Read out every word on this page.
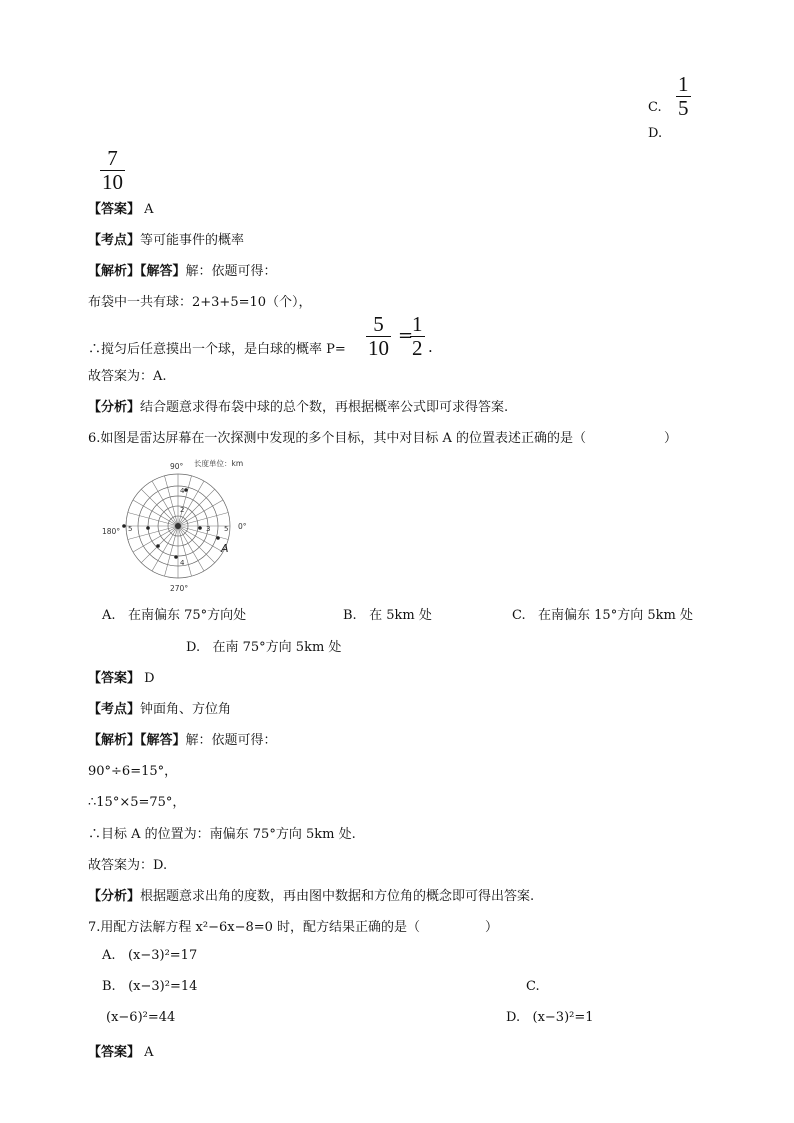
C.
1
5
D.
7
10
【答案】 A
【考点】等可能事件的概率
【解析】【解答】解：依题可得：
布袋中一共有球：2+3+5=10（个），
∴搅匀后任意摸出一个球，是白球的概率 P=
5
10
=
1
2 .
故答案为：A.
【分析】结合题意求得布袋中球的总个数，再根据概率公式即可求得答案.
6.如图是雷达屏幕在一次探测中发现的多个目标，其中对目标 A 的位置表述正确的是（　　　　　　）
长度单位：km
90°
180°
0°
270°
4
2
3 5
5
4
A
A. 在南偏东 75°方向处	B. 在 5km 处	C. 在南偏东 15°方向 5km 处
D. 在南 75°方向 5km 处
【答案】 D
【考点】钟面角、方位角
【解析】【解答】解：依题可得：
90°÷6=15°，
∴15°×5=75°，
∴目标 A 的位置为：南偏东 75°方向 5km 处.
故答案为：D.
【分析】根据题意求出角的度数，再由图中数据和方位角的概念即可得出答案.
7.用配方法解方程 x²−6x−8=0 时，配方结果正确的是（　　　　　）
A. (x−3)²=17
B. (x−3)²=14	C.
(x−6)²=44	D. (x−3)²=1
【答案】 A
